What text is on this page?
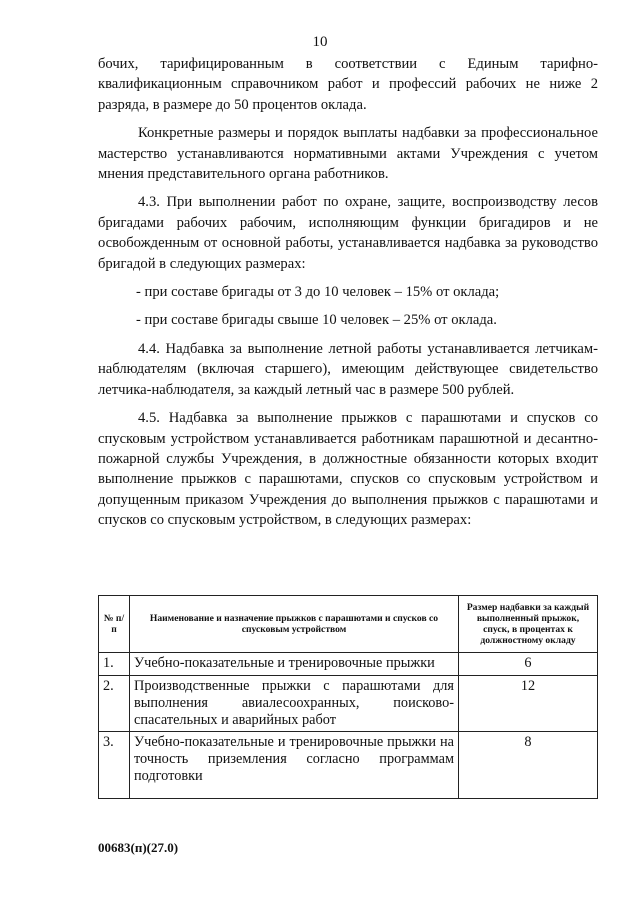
10

бочих, тарифицированным в соответствии с Единым тарифно-квалификационным справочником работ и профессий рабочих не ниже 2 разряда, в размере до 50 процентов оклада.

Конкретные размеры и порядок выплаты надбавки за профессиональное мастерство устанавливаются нормативными актами Учреждения с учетом мнения представительного органа работников.

4.3. При выполнении работ по охране, защите, воспроизводству лесов бригадами рабочих рабочим, исполняющим функции бригадиров и не освобожденным от основной работы, устанавливается надбавка за руководство бригадой в следующих размерах:

- при составе бригады от 3 до 10 человек – 15% от оклада;

- при составе бригады свыше 10 человек – 25% от оклада.

4.4. Надбавка за выполнение летной работы устанавливается летчикам-наблюдателям (включая старшего), имеющим действующее свидетельство летчика-наблюдателя, за каждый летный час в размере 500 рублей.

4.5. Надбавка за выполнение прыжков с парашютами и спусков со спусковым устройством устанавливается работникам парашютной и десантно-пожарной службы Учреждения, в должностные обязанности которых входит выполнение прыжков с парашютами, спусков со спусковым устройством и допущенным приказом Учреждения до выполнения прыжков с парашютами и спусков со спусковым устройством, в следующих размерах:

№ п/п	Наименование и назначение прыжков с парашютами и спусков со спусковым устройством	Размер надбавки за каждый выполненный прыжок, спуск, в процентах к должностному окладу
1.	Учебно-показательные и тренировочные прыжки	6
2.	Производственные прыжки с парашютами для выполнения авиалесоохранных, поисково-спасательных и аварийных работ	12
3.	Учебно-показательные и тренировочные прыжки на точность приземления согласно программам подготовки	8
00683(п)(27.0)
